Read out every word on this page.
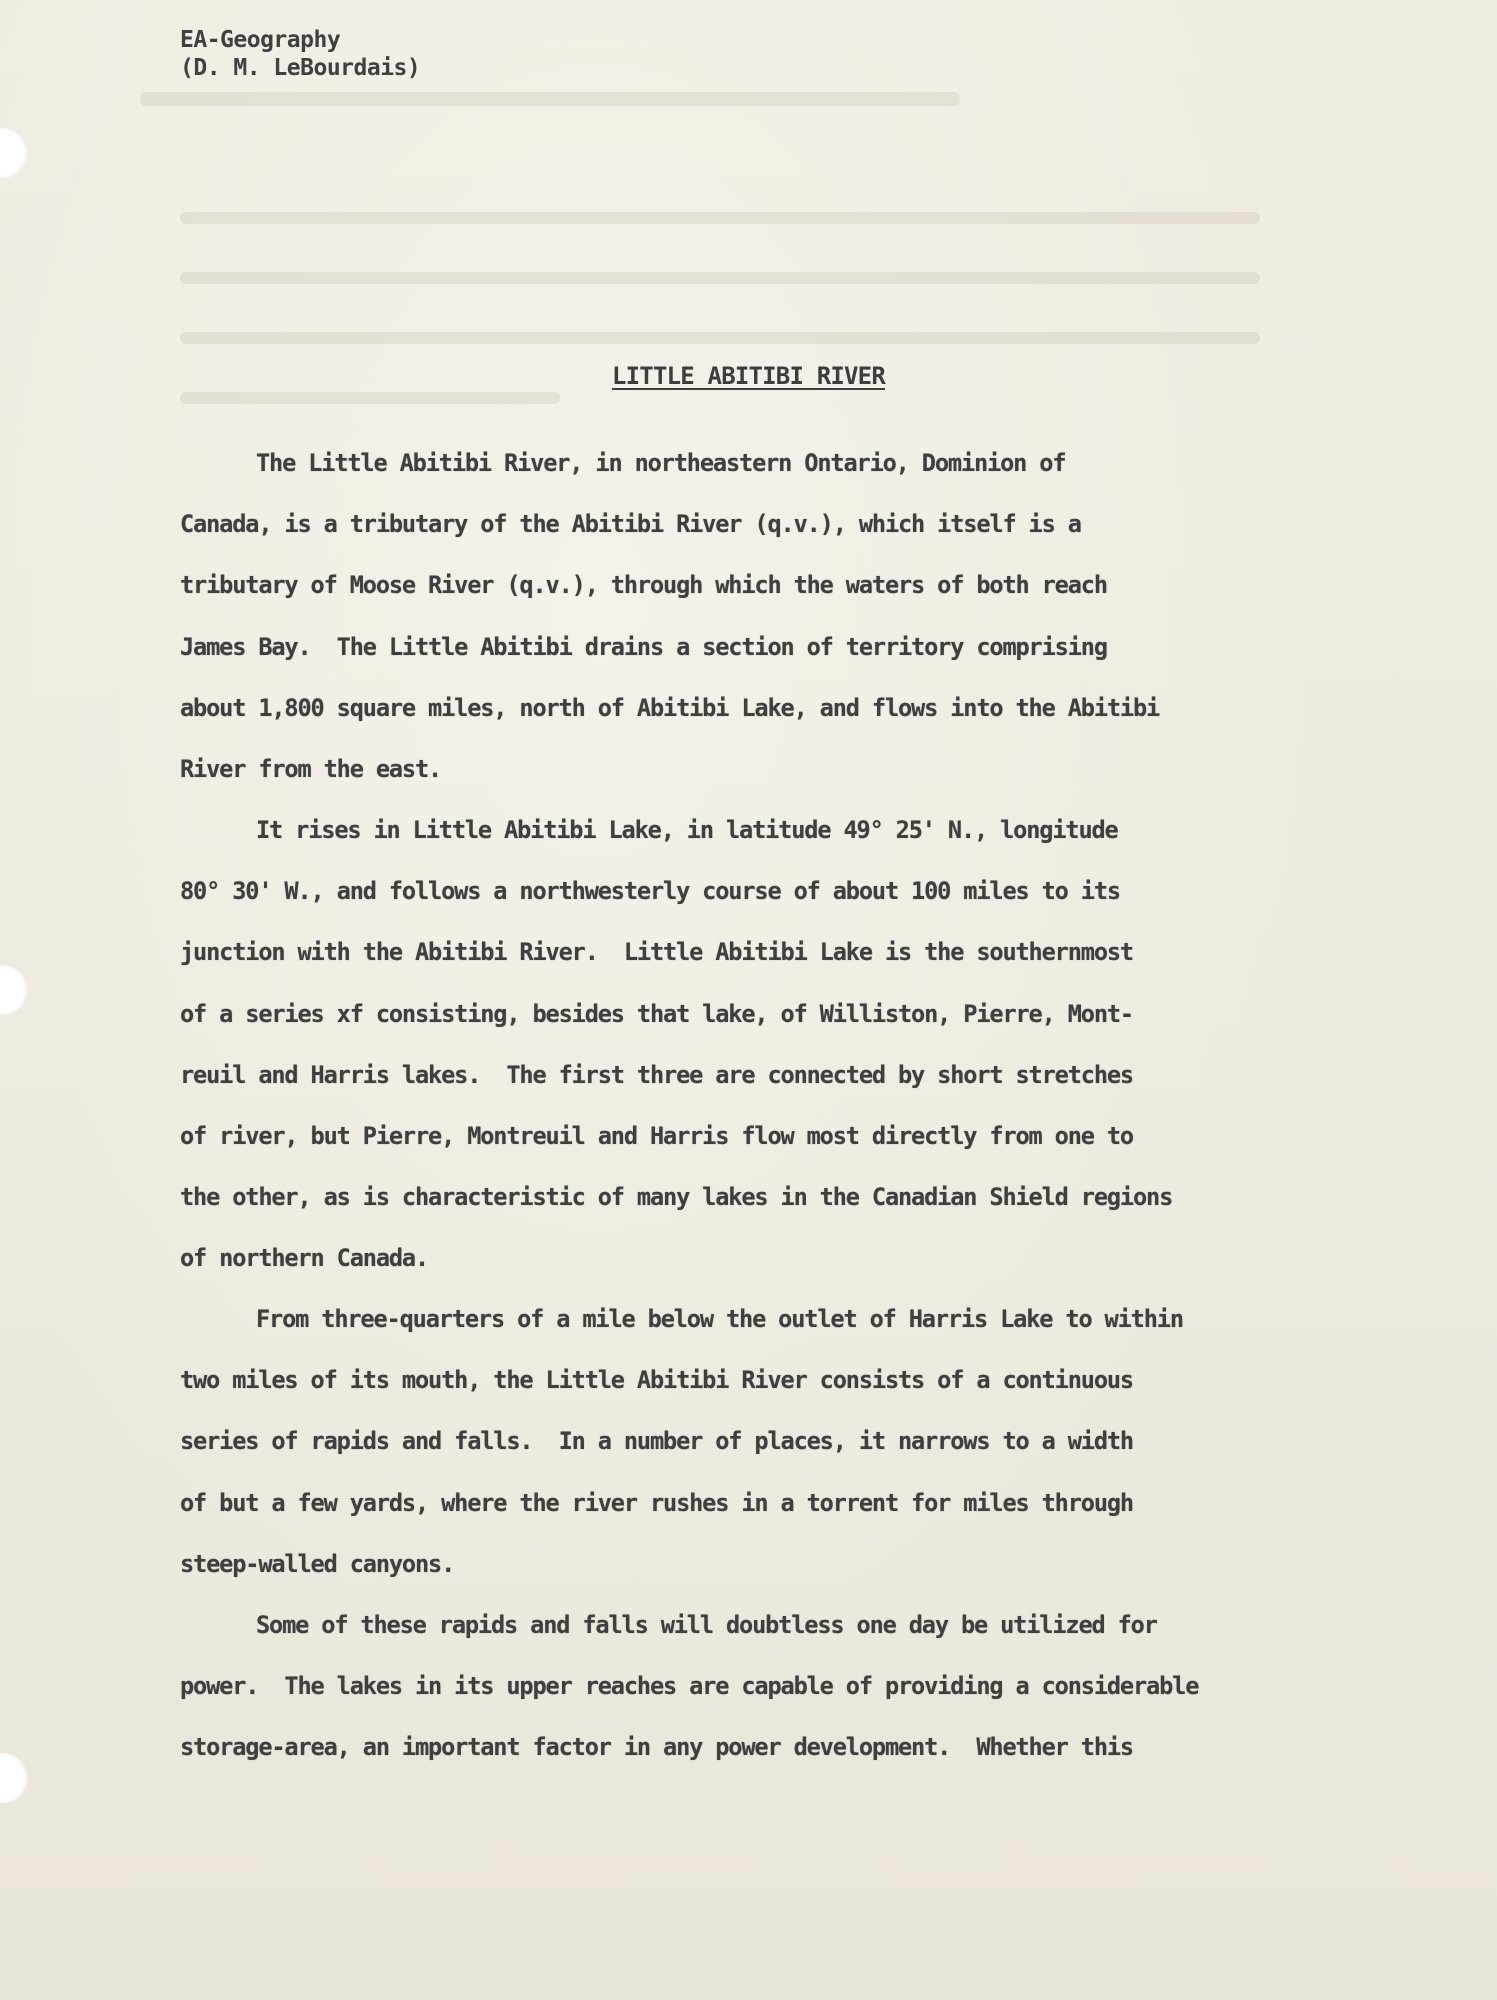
EA-Geography
(D. M. LeBourdais)
LITTLE ABITIBI RIVER
The Little Abitibi River, in northeastern Ontario, Dominion of
Canada, is a tributary of the Abitibi River (q.v.), which itself is a
tributary of Moose River (q.v.), through which the waters of both reach
James Bay.  The Little Abitibi drains a section of territory comprising
about 1,800 square miles, north of Abitibi Lake, and flows into the Abitibi
River from the east.
It rises in Little Abitibi Lake, in latitude 49° 25' N., longitude
80° 30' W., and follows a northwesterly course of about 100 miles to its
junction with the Abitibi River.  Little Abitibi Lake is the southernmost
of a series xf consisting, besides that lake, of Williston, Pierre, Mont-
reuil and Harris lakes.  The first three are connected by short stretches
of river, but Pierre, Montreuil and Harris flow most directly from one to
the other, as is characteristic of many lakes in the Canadian Shield regions
of northern Canada.
From three-quarters of a mile below the outlet of Harris Lake to within
two miles of its mouth, the Little Abitibi River consists of a continuous
series of rapids and falls.  In a number of places, it narrows to a width
of but a few yards, where the river rushes in a torrent for miles through
steep-walled canyons.
Some of these rapids and falls will doubtless one day be utilized for
power.  The lakes in its upper reaches are capable of providing a considerable
storage-area, an important factor in any power development.  Whether this
